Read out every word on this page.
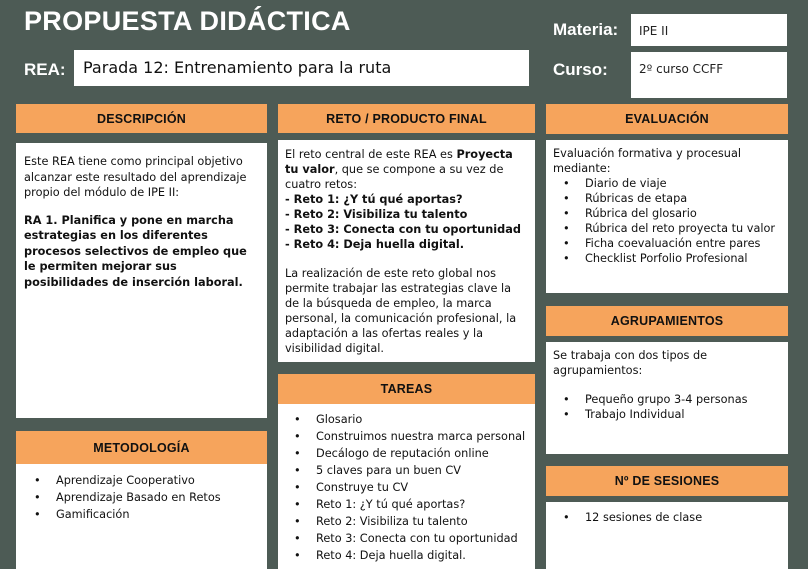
PROPUESTA DIDÁCTICA
REA:	Parada 12: Entrenamiento para la ruta
Materia:	IPE II
Curso:	2º curso CCFF
DESCRIPCIÓN

Este REA tiene como principal objetivo alcanzar este resultado del aprendizaje propio del módulo de IPE II:

RA 1. Planifica y pone en marcha estrategias en los diferentes procesos selectivos de empleo que le permiten mejorar sus posibilidades de inserción laboral.

METODOLOGÍA
• Aprendizaje Cooperativo
• Aprendizaje Basado en Retos
• Gamificación
RETO / PRODUCTO FINAL

El reto central de este REA es Proyecta tu valor, que se compone a su vez de cuatro retos:

- Reto 1: ¿Y tú qué aportas?

- Reto 2: Visibiliza tu talento

- Reto 3: Conecta con tu oportunidad

- Reto 4: Deja huella digital.

La realización de este reto global nos permite trabajar las estrategias clave la de la búsqueda de empleo, la marca personal, la comunicación profesional, la adaptación a las ofertas reales y la visibilidad digital.

TAREAS
• Glosario
• Construimos nuestra marca personal
• Decálogo de reputación online
• 5 claves para un buen CV
• Construye tu CV
• Reto 1: ¿Y tú qué aportas?
• Reto 2: Visibiliza tu talento
• Reto 3: Conecta con tu oportunidad
• Reto 4: Deja huella digital.
EVALUACIÓN

Evaluación formativa y procesual mediante:

• Diario de viaje
• Rúbricas de etapa
• Rúbrica del glosario
• Rúbrica del reto proyecta tu valor
• Ficha coevaluación entre pares
• Checklist Porfolio Profesional
AGRUPAMIENTOS

Se trabaja con dos tipos de agrupamientos:

• Pequeño grupo 3-4 personas
• Trabajo Individual
Nº DE SESIONES
• 12 sesiones de clase
